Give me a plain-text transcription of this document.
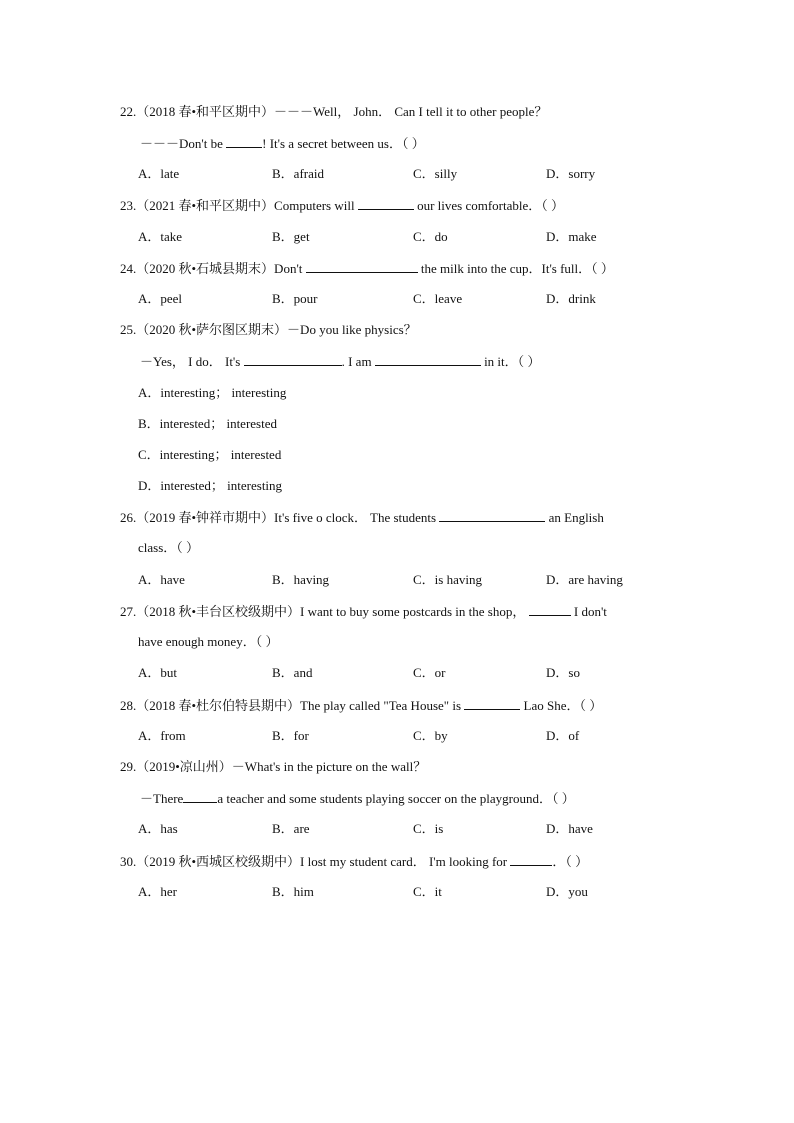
22.（2018 春•和平区期中）－－－Well， John． Can I tell it to other people？
－－－Don't be	! It's a secret between us．（ ）
A．late	B．afraid	C．silly	D．sorry
23.（2021 春•和平区期中）Computers will	our lives comfortable．（ ）
A．take	B．get	C．do	D．make
24.（2020 秋•石城县期末）Don't	the milk into the cup．It's full．（ ）
A．peel	B．pour	C．leave	D．drink
25.（2020 秋•萨尔图区期末）－Do you like physics？
－Yes， I do． It's	. I am	in it．（ ）
A．interesting； interesting
B．interested； interested
C．interesting； interested
D．interested； interesting
26.（2019 春•钟祥市期中）It's five o clock． The students	an English
class．（ ）
A．have	B．having	C．is having	D．are having
27.（2018 秋•丰台区校级期中）I want to buy some postcards in the shop，	I don't
have enough money．（ ）
A．but	B．and	C．or	D．so
28.（2018 春•杜尔伯特县期中）The play called "Tea House" is	Lao She．（ ）
A．from	B．for	C．by	D．of
29.（2019•凉山州）－What's in the picture on the wall？
－There	a teacher and some students playing soccer on the playground．（ ）
A．has	B．are	C．is	D．have
30.（2019 秋•西城区校级期中）I lost my student card． I'm looking for	．（ ）
A．her	B．him	C．it	D．you
